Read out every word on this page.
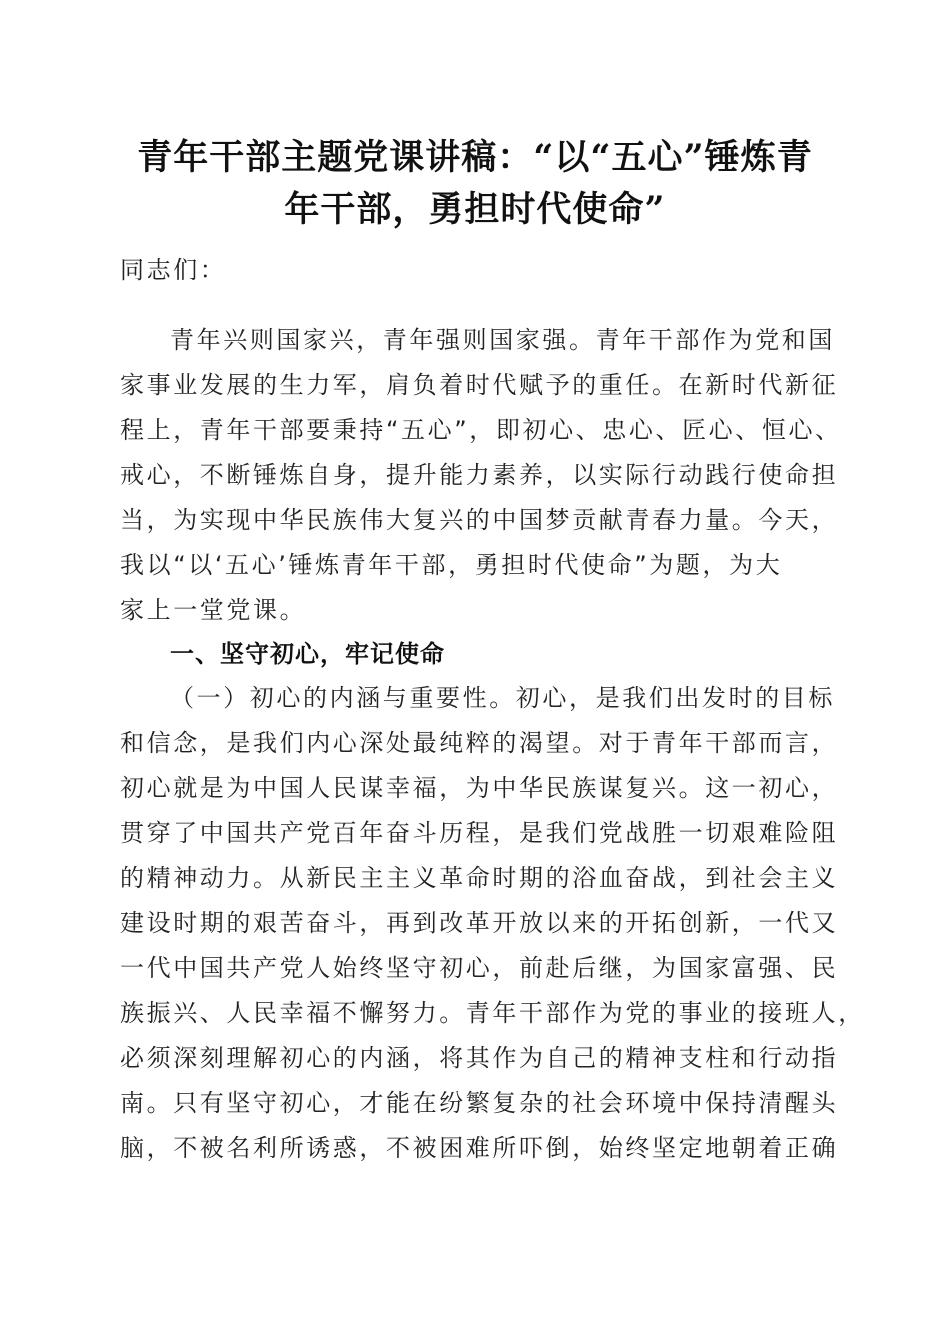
青年干部主题党课讲稿：“以“五心”锤炼青
年干部，勇担时代使命”
同志们：
青年兴则国家兴，青年强则国家强。青年干部作为党和国
家事业发展的生力军，肩负着时代赋予的重任。在新时代新征
程上，青年干部要秉持“五心”，即初心、忠心、匠心、恒心、
戒心，不断锤炼自身，提升能力素养，以实际行动践行使命担
当，为实现中华民族伟大复兴的中国梦贡献青春力量。今天，
我以“以‘五心’锤炼青年干部，勇担时代使命”为题，为大
家上一堂党课。
一、坚守初心，牢记使命
（一）初心的内涵与重要性。初心，是我们出发时的目标
和信念，是我们内心深处最纯粹的渴望。对于青年干部而言，
初心就是为中国人民谋幸福，为中华民族谋复兴。这一初心，
贯穿了中国共产党百年奋斗历程，是我们党战胜一切艰难险阻
的精神动力。从新民主主义革命时期的浴血奋战，到社会主义
建设时期的艰苦奋斗，再到改革开放以来的开拓创新，一代又
一代中国共产党人始终坚守初心，前赴后继，为国家富强、民
族振兴、人民幸福不懈努力。青年干部作为党的事业的接班人，
必须深刻理解初心的内涵，将其作为自己的精神支柱和行动指
南。只有坚守初心，才能在纷繁复杂的社会环境中保持清醒头
脑，不被名利所诱惑，不被困难所吓倒，始终坚定地朝着正确
